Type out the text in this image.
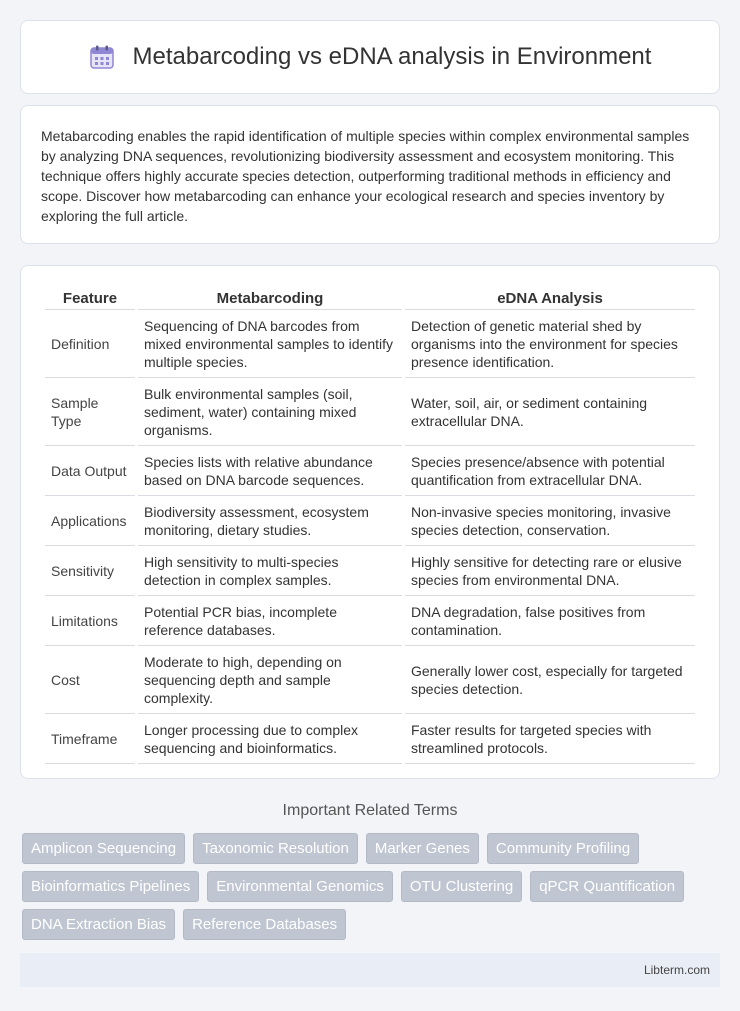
Metabarcoding vs eDNA analysis in Environment

Metabarcoding enables the rapid identification of multiple species within complex environmental samples by analyzing DNA sequences, revolutionizing biodiversity assessment and ecosystem monitoring. This technique offers highly accurate species detection, outperforming traditional methods in efficiency and scope. Discover how metabarcoding can enhance your ecological research and species inventory by exploring the full article.

Feature	Metabarcoding	eDNA Analysis
Definition	Sequencing of DNA barcodes from mixed environmental samples to identify multiple species.	Detection of genetic material shed by organisms into the environment for species presence identification.
Sample Type	Bulk environmental samples (soil, sediment, water) containing mixed organisms.	Water, soil, air, or sediment containing extracellular DNA.
Data Output	Species lists with relative abundance based on DNA barcode sequences.	Species presence/absence with potential quantification from extracellular DNA.
Applications	Biodiversity assessment, ecosystem monitoring, dietary studies.	Non-invasive species monitoring, invasive species detection, conservation.
Sensitivity	High sensitivity to multi-species detection in complex samples.	Highly sensitive for detecting rare or elusive species from environmental DNA.
Limitations	Potential PCR bias, incomplete reference databases.	DNA degradation, false positives from contamination.
Cost	Moderate to high, depending on sequencing depth and sample complexity.	Generally lower cost, especially for targeted species detection.
Timeframe	Longer processing due to complex sequencing and bioinformatics.	Faster results for targeted species with streamlined protocols.
Important Related Terms
Amplicon Sequencing	Taxonomic Resolution	Marker Genes	Community Profiling
Bioinformatics Pipelines	Environmental Genomics	OTU Clustering	qPCR Quantification
DNA Extraction Bias	Reference Databases
Libterm.com
